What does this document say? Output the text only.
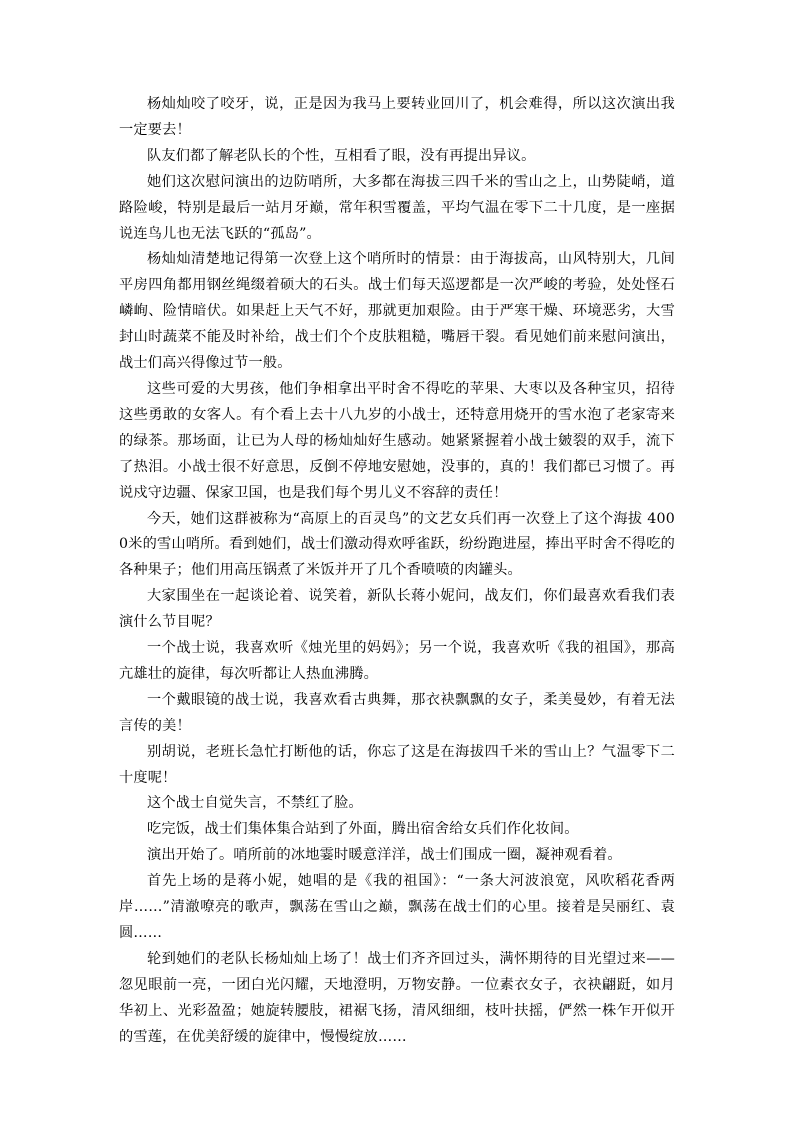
杨灿灿咬了咬牙，说，正是因为我马上要转业回川了，机会难得，所以这次演出我一定要去！

队友们都了解老队长的个性，互相看了眼，没有再提出异议。

她们这次慰问演出的边防哨所，大多都在海拔三四千米的雪山之上，山势陡峭，道路险峻，特别是最后一站月牙巅，常年积雪覆盖，平均气温在零下二十几度，是一座据说连鸟儿也无法飞跃的“孤岛”。

杨灿灿清楚地记得第一次登上这个哨所时的情景：由于海拔高，山风特别大，几间平房四角都用钢丝绳缀着硕大的石头。战士们每天巡逻都是一次严峻的考验，处处怪石嶙峋、险情暗伏。如果赶上天气不好，那就更加艰险。由于严寒干燥、环境恶劣，大雪封山时蔬菜不能及时补给，战士们个个皮肤粗糙，嘴唇干裂。看见她们前来慰问演出，战士们高兴得像过节一般。

这些可爱的大男孩，他们争相拿出平时舍不得吃的苹果、大枣以及各种宝贝，招待这些勇敢的女客人。有个看上去十八九岁的小战士，还特意用烧开的雪水泡了老家寄来的绿茶。那场面，让已为人母的杨灿灿好生感动。她紧紧握着小战士皴裂的双手，流下了热泪。小战士很不好意思，反倒不停地安慰她，没事的，真的！我们都已习惯了。再说戍守边疆、保家卫国，也是我们每个男儿义不容辞的责任！

今天，她们这群被称为“高原上的百灵鸟”的文艺女兵们再一次登上了这个海拔 4000米的雪山哨所。看到她们，战士们激动得欢呼雀跃，纷纷跑进屋，捧出平时舍不得吃的各种果子；他们用高压锅煮了米饭并开了几个香喷喷的肉罐头。

大家围坐在一起谈论着、说笑着，新队长蒋小妮问，战友们，你们最喜欢看我们表演什么节目呢？

一个战士说，我喜欢听《烛光里的妈妈》；另一个说，我喜欢听《我的祖国》，那高亢雄壮的旋律，每次听都让人热血沸腾。

一个戴眼镜的战士说，我喜欢看古典舞，那衣袂飘飘的女子，柔美曼妙，有着无法言传的美！

别胡说，老班长急忙打断他的话，你忘了这是在海拔四千米的雪山上？气温零下二十度呢！

这个战士自觉失言，不禁红了脸。

吃完饭，战士们集体集合站到了外面，腾出宿舍给女兵们作化妆间。

演出开始了。哨所前的冰地霎时暖意洋洋，战士们围成一圈，凝神观看着。

首先上场的是蒋小妮，她唱的是《我的祖国》：“一条大河波浪宽，风吹稻花香两岸……”清澈嘹亮的歌声，飘荡在雪山之巅，飘荡在战士们的心里。接着是吴丽红、袁圆……

轮到她们的老队长杨灿灿上场了！战士们齐齐回过头，满怀期待的目光望过来——忽见眼前一亮，一团白光闪耀，天地澄明，万物安静。一位素衣女子，衣袂翩跹，如月华初上、光彩盈盈；她旋转腰肢，裙裾飞扬，清风细细，枝叶扶摇，俨然一株乍开似开的雪莲，在优美舒缓的旋律中，慢慢绽放……
